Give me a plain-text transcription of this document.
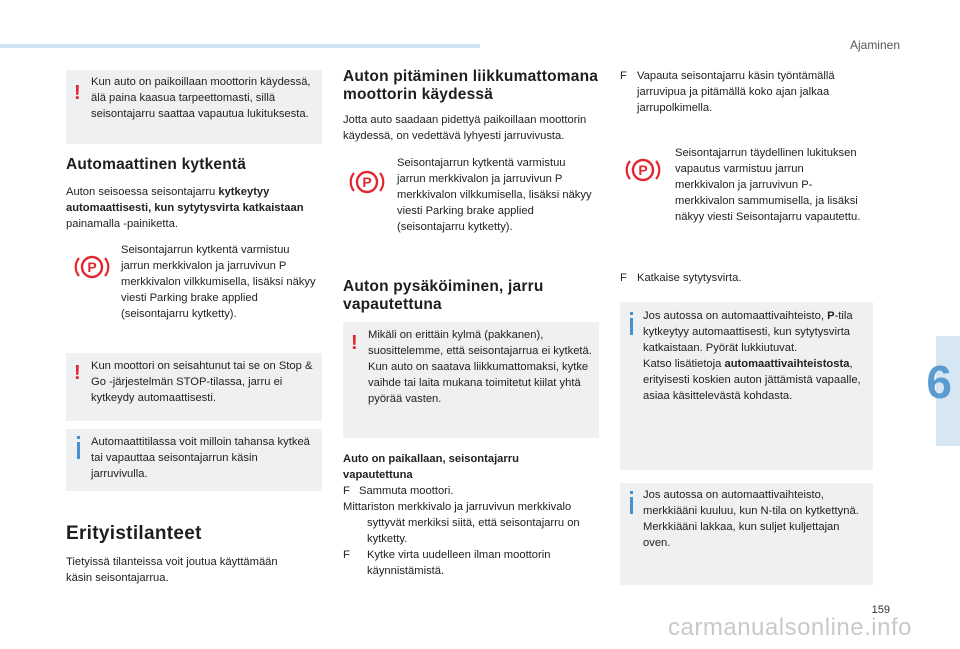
Ajaminen
6
159
carmanualsonline.info
! Kun auto on paikoillaan moottorin käydessä, älä paina kaasua tarpeettomasti, sillä seisontajarru saattaa vapautua lukituksesta.
Automaattinen kytkentä
Auton seisoessa seisontajarru kytkeytyy automaattisesti, kun sytytysvirta katkaistaan painamalla -painiketta.
P
Seisontajarrun kytkentä varmistuu jarrun merkkivalon ja jarruvivun P merkkivalon vilkkumisella, lisäksi näkyy viesti Parking brake applied (seisontajarru kytketty).
! Kun moottori on seisahtunut tai se on Stop & Go -järjestelmän STOP-tilassa, jarru ei kytkeydy automaattisesti.
Automaattitilassa voit milloin tahansa kytkeä tai vapauttaa seisontajarrun käsin jarruvivulla.
Erityistilanteet
Tietyissä tilanteissa voit joutua käyttämään käsin seisontajarrua.
Auton pitäminen liikkumattomana moottorin käydessä
Jotta auto saadaan pidettyä paikoillaan moottorin käydessä, on vedettävä lyhyesti jarruvivusta.
P
Seisontajarrun kytkentä varmistuu jarrun merkkivalon ja jarruvivun P merkkivalon vilkkumisella, lisäksi näkyy viesti Parking brake applied (seisontajarru kytketty).
Auton pysäköiminen, jarru vapautettuna
! Mikäli on erittäin kylmä (pakkanen), suosittelemme, että seisontajarrua ei kytketä.
Kun auto on saatava liikkumattomaksi, kytke vaihde tai laita mukana toimitetut kiilat yhtä pyörää vasten.
Auto on paikallaan, seisontajarru vapautettuna
F Sammuta moottori.
Mittariston merkkivalo ja jarruvivun merkkivalo syttyvät merkiksi siitä, että seisontajarru on kytketty.
F	Kytke virta uudelleen ilman moottorin käynnistämistä.
F Vapauta seisontajarru käsin työntämällä jarruvipua ja pitämällä koko ajan jalkaa jarrupolkimella.
P
Seisontajarrun täydellinen lukituksen vapautus varmistuu jarrun merkkivalon ja jarruvivun P-merkkivalon sammumisella, ja lisäksi näkyy viesti Seisontajarru vapautettu.
F Katkaise sytytysvirta.
Jos autossa on automaattivaihteisto, P-tila kytkeytyy automaattisesti, kun sytytysvirta katkaistaan. Pyörät lukkiutuvat.
Katso lisätietoja automaattivaihteistosta, erityisesti koskien auton jättämistä vapaalle, asiaa käsittelevästä kohdasta.
Jos autossa on automaattivaihteisto, merkkiääni kuuluu, kun N-tila on kytkettynä. Merkkiääni lakkaa, kun suljet kuljettajan oven.
